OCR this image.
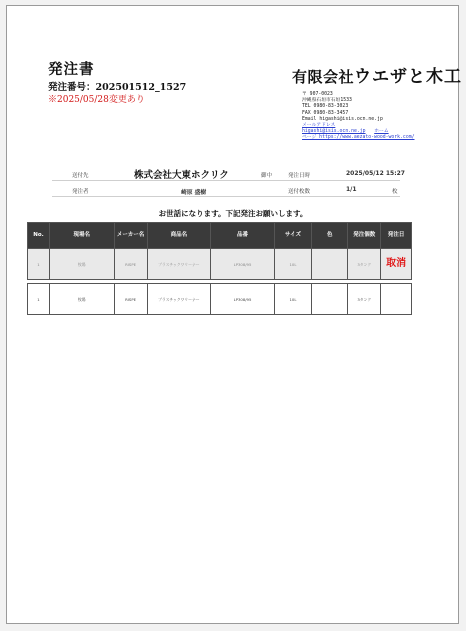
発注書
発注番号：202501512_1527
※2025/05/28変更あり
有限会社ウエザと木工
〒 907-0023
沖縄県石垣市石垣1533
TEL 0980-83-3023
FAX 0980-83-3457
Email higashi@isis.ocn.ne.jp
メールアドレス
higashi@isis.ocn.ne.jp ホーム
ページ https://www.aezato-wood-work.com/
送付先	株式会社大東ホクリク	御中	発注日時	2025/05/12 15:27
発注者	崎原 盛樹	送付枚数	1/1	枚
お世話になります。下記発注お願いします。
No.	現場名	メーカー名	商品名	品番	サイズ	色	発注個数	発注日
1	牧場	RISPE	プラスチックワリーナー	LP308/95	10L		3タンク	取消

1	牧場	RISPE	プラスチックワリーナー	LP308/95	10L		3タンク	
